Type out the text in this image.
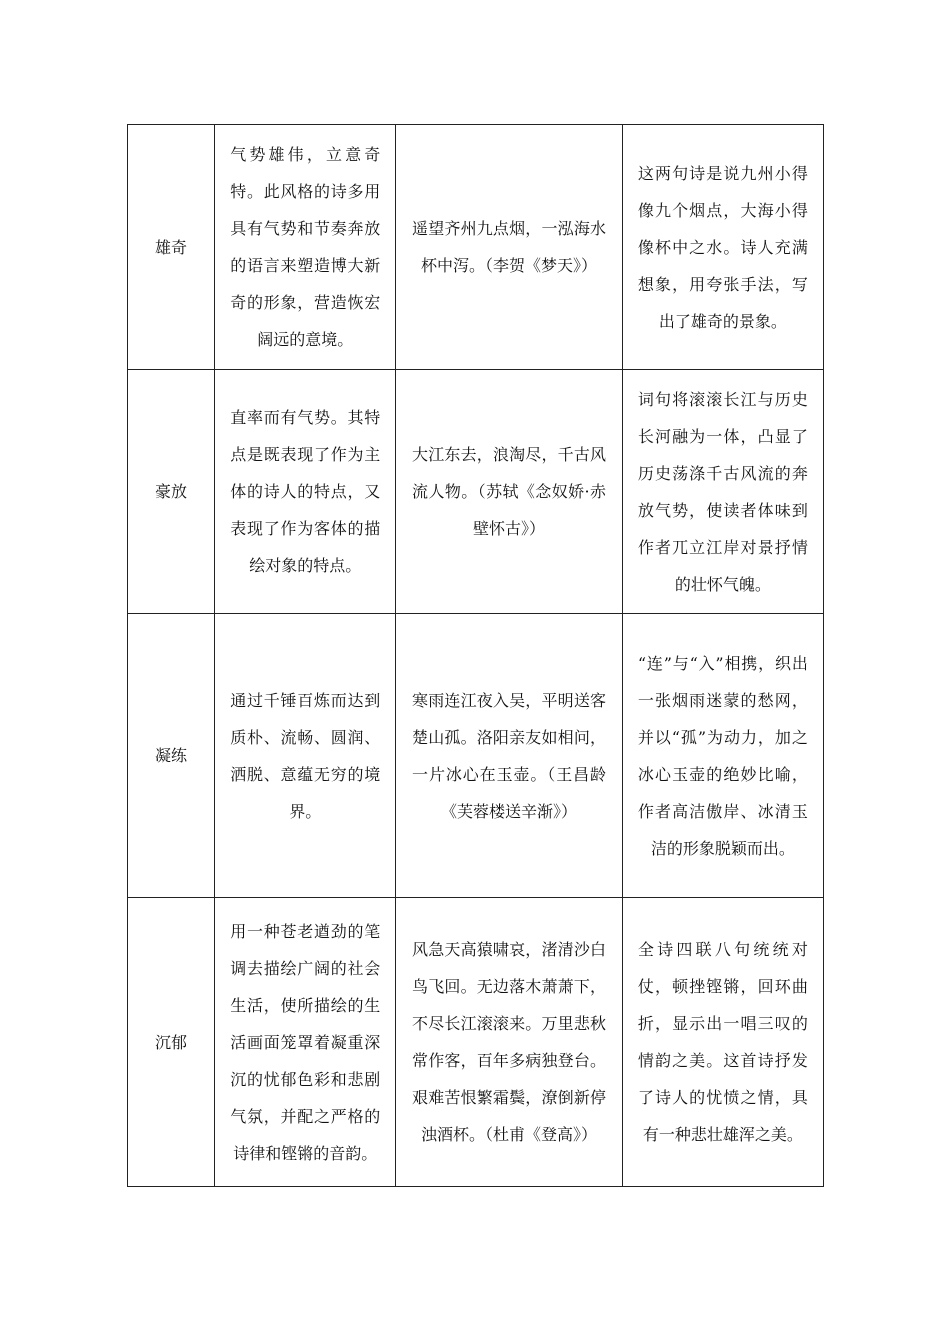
雄奇	气势雄伟，立意奇特。此风格的诗多用具有气势和节奏奔放的语言来塑造博大新奇的形象，营造恢宏阔远的意境。	遥望齐州九点烟，一泓海水杯中泻。（李贺《梦天》）	这两句诗是说九州小得像九个烟点，大海小得像杯中之水。诗人充满想象，用夸张手法，写出了雄奇的景象。

豪放	直率而有气势。其特点是既表现了作为主体的诗人的特点，又表现了作为客体的描绘对象的特点。	大江东去，浪淘尽，千古风流人物。（苏轼《念奴娇·赤壁怀古》）	词句将滚滚长江与历史长河融为一体，凸显了历史荡涤千古风流的奔放气势，使读者体味到作者兀立江岸对景抒情的壮怀气魄。

凝练	通过千锤百炼而达到质朴、流畅、圆润、洒脱、意蕴无穷的境界。	寒雨连江夜入吴，平明送客楚山孤。洛阳亲友如相问，一片冰心在玉壶。（王昌龄《芙蓉楼送辛渐》）	“连”与“入”相携，织出一张烟雨迷蒙的愁网，并以“孤”为动力，加之冰心玉壶的绝妙比喻，作者高洁傲岸、冰清玉洁的形象脱颖而出。

沉郁	用一种苍老遒劲的笔调去描绘广阔的社会生活，使所描绘的生活画面笼罩着凝重深沉的忧郁色彩和悲剧气氛，并配之严格的诗律和铿锵的音韵。	风急天高猿啸哀，渚清沙白鸟飞回。无边落木萧萧下，不尽长江滚滚来。万里悲秋常作客，百年多病独登台。艰难苦恨繁霜鬓，潦倒新停浊酒杯。（杜甫《登高》）	全诗四联八句统统对仗，顿挫铿锵，回环曲折，显示出一唱三叹的情韵之美。这首诗抒发了诗人的忧愤之情，具有一种悲壮雄浑之美。
